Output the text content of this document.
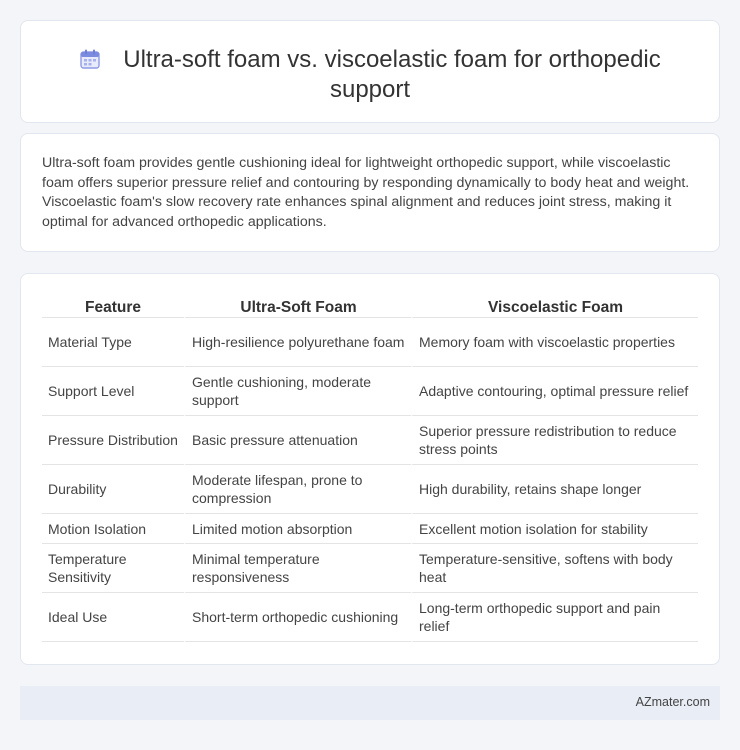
Ultra-soft foam vs. viscoelastic foam for orthopedic support

Ultra-soft foam provides gentle cushioning ideal for lightweight orthopedic support, while viscoelastic foam offers superior pressure relief and contouring by responding dynamically to body heat and weight. Viscoelastic foam's slow recovery rate enhances spinal alignment and reduces joint stress, making it optimal for advanced orthopedic applications.

Feature	Ultra-Soft Foam	Viscoelastic Foam
Material Type	High-resilience polyurethane foam	Memory foam with viscoelastic properties
Support Level	Gentle cushioning, moderate support	Adaptive contouring, optimal pressure relief
Pressure Distribution	Basic pressure attenuation	Superior pressure redistribution to reduce stress points
Durability	Moderate lifespan, prone to compression	High durability, retains shape longer
Motion Isolation	Limited motion absorption	Excellent motion isolation for stability
Temperature Sensitivity	Minimal temperature responsiveness	Temperature-sensitive, softens with body heat
Ideal Use	Short-term orthopedic cushioning	Long-term orthopedic support and pain relief
AZmater.com
